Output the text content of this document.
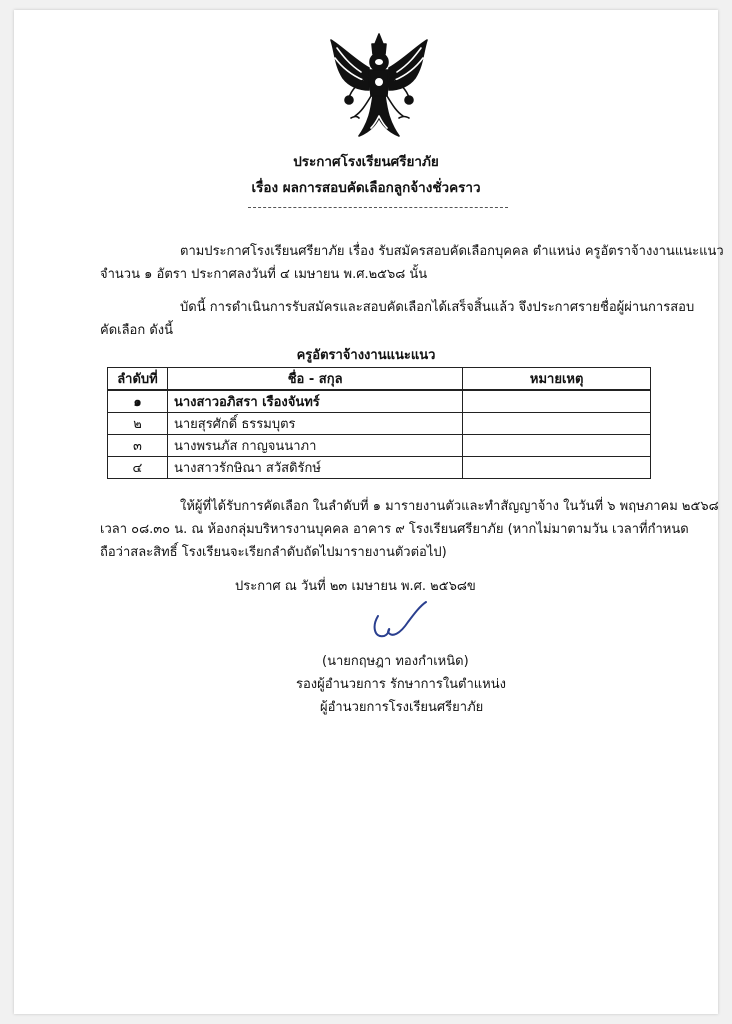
ประกาศโรงเรียนศรียาภัย
เรื่อง ผลการสอบคัดเลือกลูกจ้างชั่วคราว
ตามประกาศโรงเรียนศรียาภัย เรื่อง รับสมัครสอบคัดเลือกบุคคล ตำแหน่ง ครูอัตราจ้างงานแนะแนว
จำนวน ๑ อัตรา ประกาศลงวันที่ ๔ เมษายน พ.ศ.๒๕๖๘ นั้น
บัดนี้ การดำเนินการรับสมัครและสอบคัดเลือกได้เสร็จสิ้นแล้ว จึงประกาศรายชื่อผู้ผ่านการสอบ
คัดเลือก ดังนี้
ครูอัตราจ้างงานแนะแนว
ลำดับที่	ชื่อ - สกุล	หมายเหตุ
๑	นางสาวอภิสรา เรืองจันทร์	
๒	นายสุรศักดิ์ ธรรมบุตร	
๓	นางพรนภัส กาญจนนาภา	
๔	นางสาวรักษิณา สวัสดิรักษ์	
ให้ผู้ที่ได้รับการคัดเลือก ในลำดับที่ ๑ มารายงานตัวและทำสัญญาจ้าง ในวันที่ ๖ พฤษภาคม ๒๕๖๘
เวลา ๐๘.๓๐ น. ณ ห้องกลุ่มบริหารงานบุคคล อาคาร ๙ โรงเรียนศรียาภัย (หากไม่มาตามวัน เวลาที่กำหนด
ถือว่าสละสิทธิ์ โรงเรียนจะเรียกลำดับถัดไปมารายงานตัวต่อไป)
ประกาศ ณ วันที่ ๒๓ เมษายน พ.ศ. ๒๕๖๘ข
(นายกฤษฎา ทองกำเหนิด)
รองผู้อำนวยการ รักษาการในตำแหน่ง
ผู้อำนวยการโรงเรียนศรียาภัย
